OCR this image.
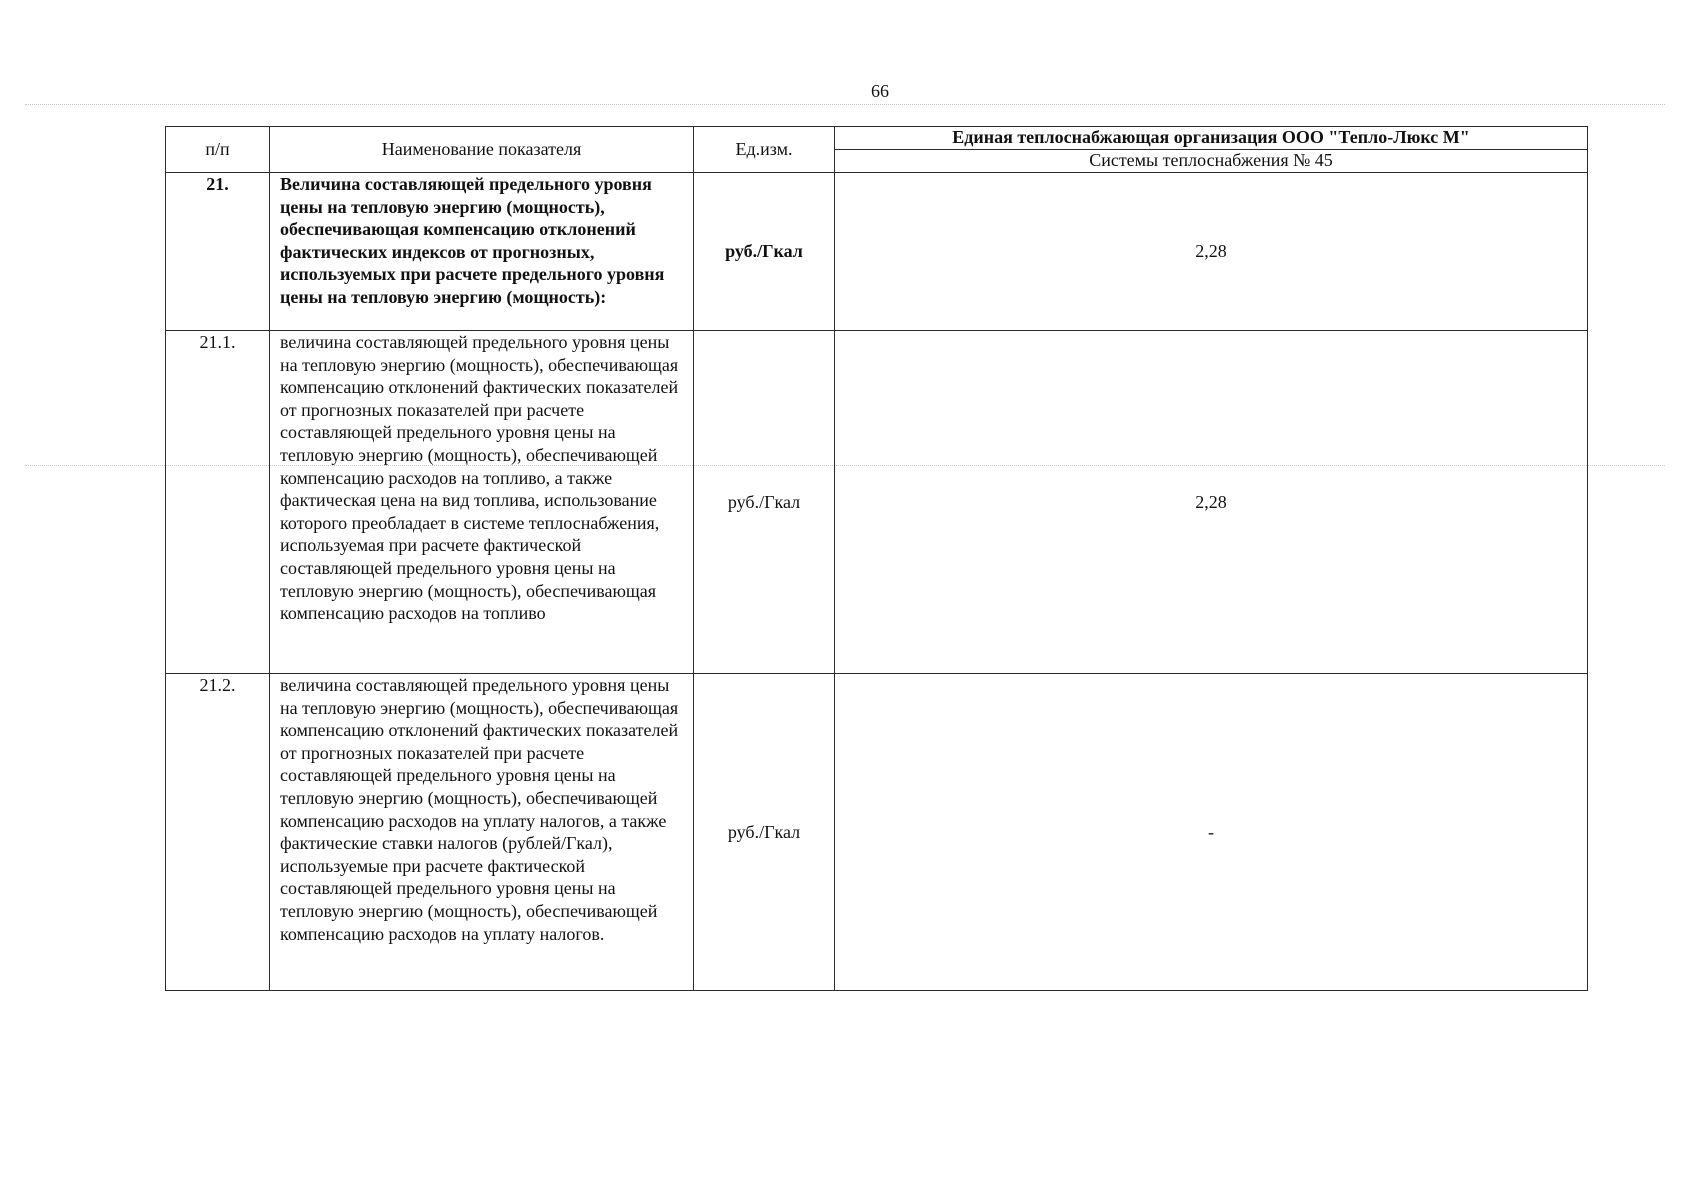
66
п/п	Наименование показателя	Ед.изм.	Единая теплоснабжающая организация ООО "Тепло-Люкс М"
			Системы теплоснабжения № 45
21.	Величина составляющей предельного уровня цены на тепловую энергию (мощность), обеспечивающая компенсацию отклонений фактических индексов от прогнозных, используемых при расчете предельного уровня цены на тепловую энергию (мощность):	руб./Гкал	2,28
21.1.	величина составляющей предельного уровня цены на тепловую энергию (мощность), обеспечивающая компенсацию отклонений фактических показателей от прогнозных показателей при расчете составляющей предельного уровня цены на тепловую энергию (мощность), обеспечивающей компенсацию расходов на топливо, а также фактическая цена на вид топлива, использование которого преобладает в системе теплоснабжения, используемая при расчете фактической составляющей предельного уровня цены на тепловую энергию (мощность), обеспечивающая компенсацию расходов на топливо	руб./Гкал	2,28
21.2.	величина составляющей предельного уровня цены на тепловую энергию (мощность), обеспечивающая компенсацию отклонений фактических показателей от прогнозных показателей при расчете составляющей предельного уровня цены на тепловую энергию (мощность), обеспечивающей компенсацию расходов на уплату налогов, а также фактические ставки налогов (рублей/Гкал), используемые при расчете фактической составляющей предельного уровня цены на тепловую энергию (мощность), обеспечивающей компенсацию расходов на уплату налогов.	руб./Гкал	-
